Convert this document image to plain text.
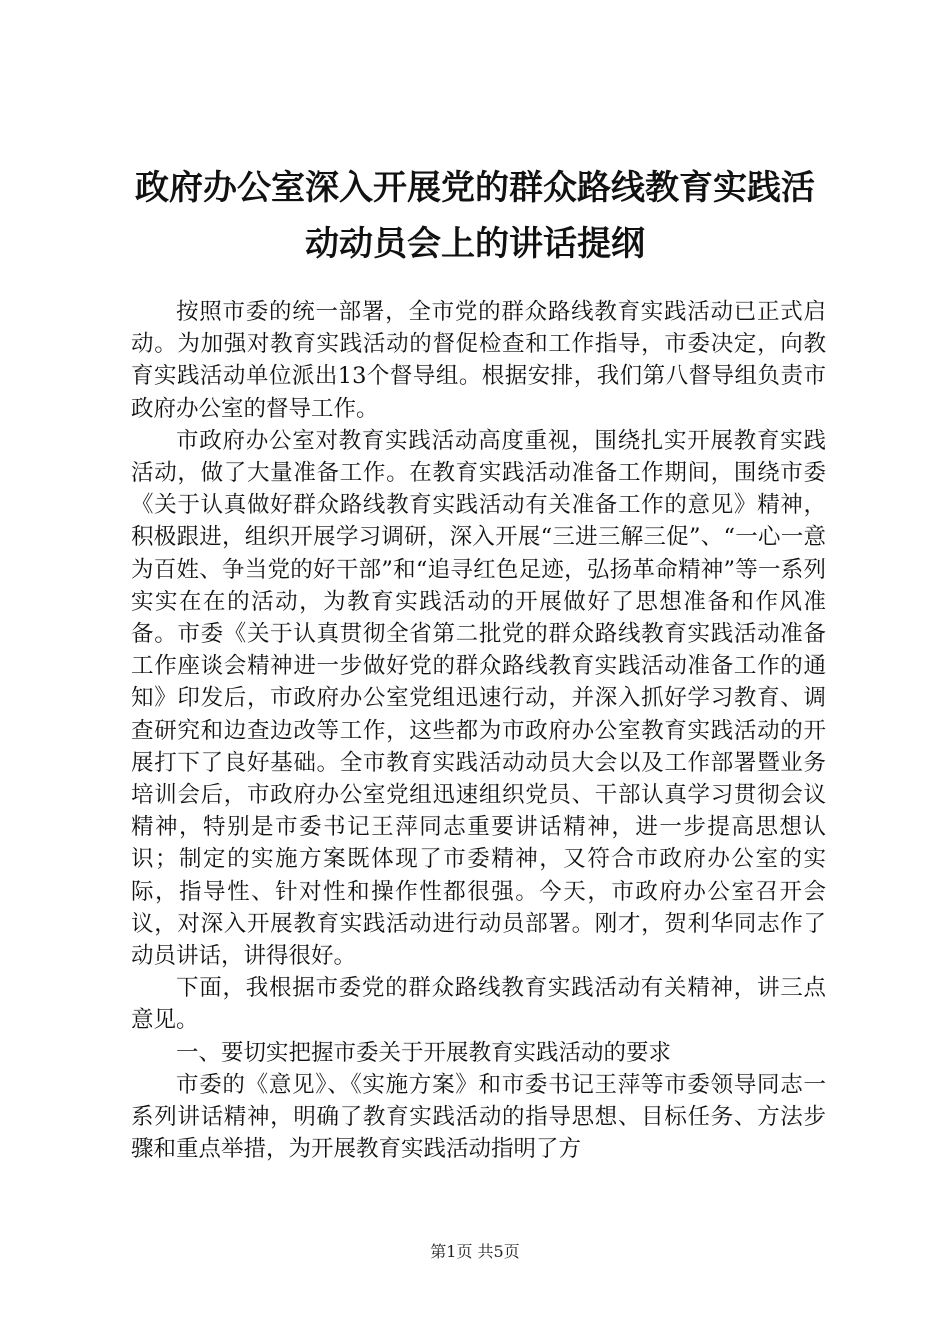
政府办公室深入开展党的群众路线教育实践活动动员会上的讲话提纲

按照市委的统一部署，全市党的群众路线教育实践活动已正式启动。为加强对教育实践活动的督促检查和工作指导，市委决定，向教育实践活动单位派出13个督导组。根据安排，我们第八督导组负责市政府办公室的督导工作。

市政府办公室对教育实践活动高度重视，围绕扎实开展教育实践活动，做了大量准备工作。在教育实践活动准备工作期间，围绕市委《关于认真做好群众路线教育实践活动有关准备工作的意见》精神，积极跟进，组织开展学习调研，深入开展“三进三解三促”、“一心一意为百姓、争当党的好干部”和“追寻红色足迹，弘扬革命精神”等一系列实实在在的活动，为教育实践活动的开展做好了思想准备和作风准备。市委《关于认真贯彻全省第二批党的群众路线教育实践活动准备工作座谈会精神进一步做好党的群众路线教育实践活动准备工作的通知》印发后，市政府办公室党组迅速行动，并深入抓好学习教育、调查研究和边查边改等工作，这些都为市政府办公室教育实践活动的开展打下了良好基础。全市教育实践活动动员大会以及工作部署暨业务培训会后，市政府办公室党组迅速组织党员、干部认真学习贯彻会议精神，特别是市委书记王萍同志重要讲话精神，进一步提高思想认识；制定的实施方案既体现了市委精神，又符合市政府办公室的实际，指导性、针对性和操作性都很强。今天，市政府办公室召开会议，对深入开展教育实践活动进行动员部署。刚才，贺利华同志作了动员讲话，讲得很好。

下面，我根据市委党的群众路线教育实践活动有关精神，讲三点意见。

一、要切实把握市委关于开展教育实践活动的要求

市委的《意见》、《实施方案》和市委书记王萍等市委领导同志一系列讲话精神，明确了教育实践活动的指导思想、目标任务、方法步骤和重点举措，为开展教育实践活动指明了方

第1页 共5页
